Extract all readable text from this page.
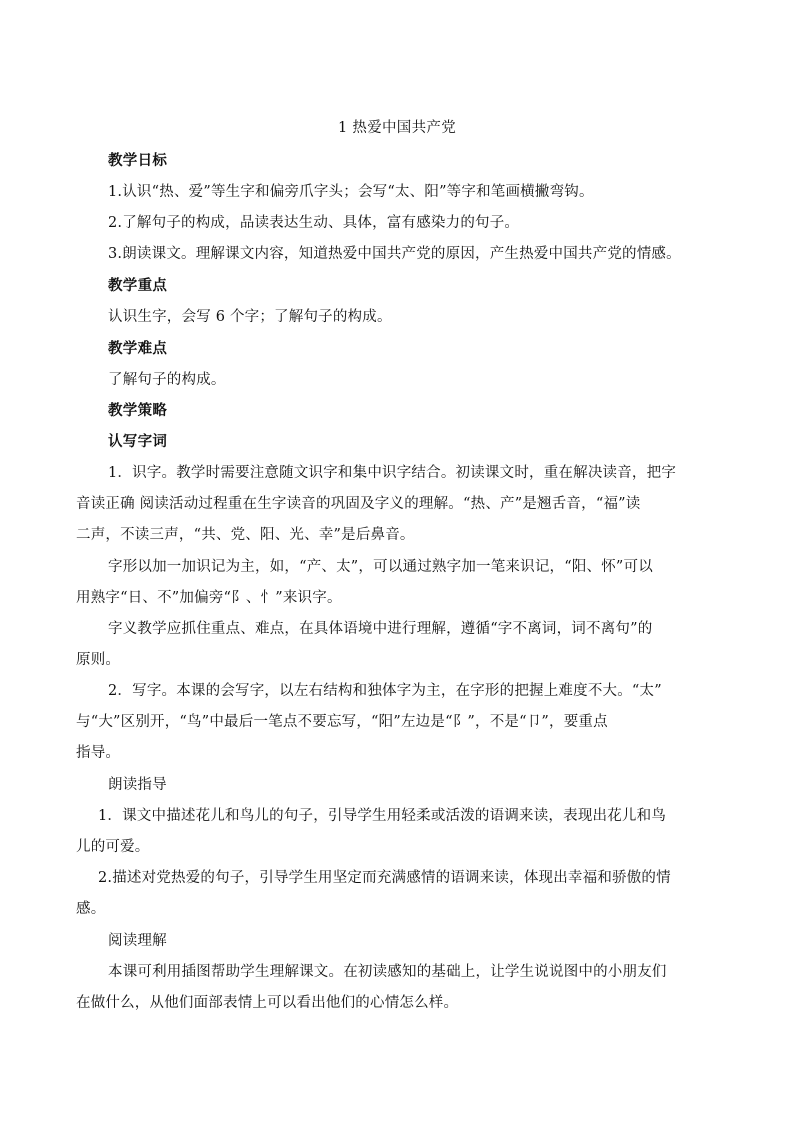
1 热爱中国共产党
教学日标
1.认识“热、爱”等生字和偏旁爪字头；会写“太、阳”等字和笔画横撇弯钩。
2.了解句子的构成，品读表达生动、具体，富有感染力的句子。
3.朗读课文。理解课文内容，知道热爱中国共产党的原因，产生热爱中国共产党的情感。
教学重点
认识生字，会写 6 个字；了解句子的构成。
教学难点
了解句子的构成。
教学策略
认写字词
1．识字。教学时需要注意随文识字和集中识字结合。初读课文时，重在解决读音，把字
音读正确 阅读活动过程重在生字读音的巩固及字义的理解。“热、产”是翘舌音，“福”读
二声，不读三声，“共、党、阳、光、幸”是后鼻音。
字形以加一加识记为主，如，“产、太”，可以通过熟字加一笔来识记，“阳、怀”可以
用熟字“日、不”加偏旁“阝、忄”来识字。
字义教学应抓住重点、难点，在具体语境中进行理解，遵循“字不离词，词不离句”的
原则。
2．写字。本课的会写字，以左右结构和独体字为主，在字形的把握上难度不大。“太”
与“大”区别开，“鸟”中最后一笔点不要忘写，“阳”左边是“阝”，不是“卩”，要重点
指导。
朗读指导
1．课文中描述花儿和鸟儿的句子，引导学生用轻柔或活泼的语调来读，表现出花儿和鸟
儿的可爱。
2.描述对党热爱的句子，引导学生用坚定而充满感情的语调来读，体现出幸福和骄傲的情
感。
阅读理解
本课可利用插图帮助学生理解课文。在初读感知的基础上，让学生说说图中的小朋友们
在做什么，从他们面部表情上可以看出他们的心情怎么样。
